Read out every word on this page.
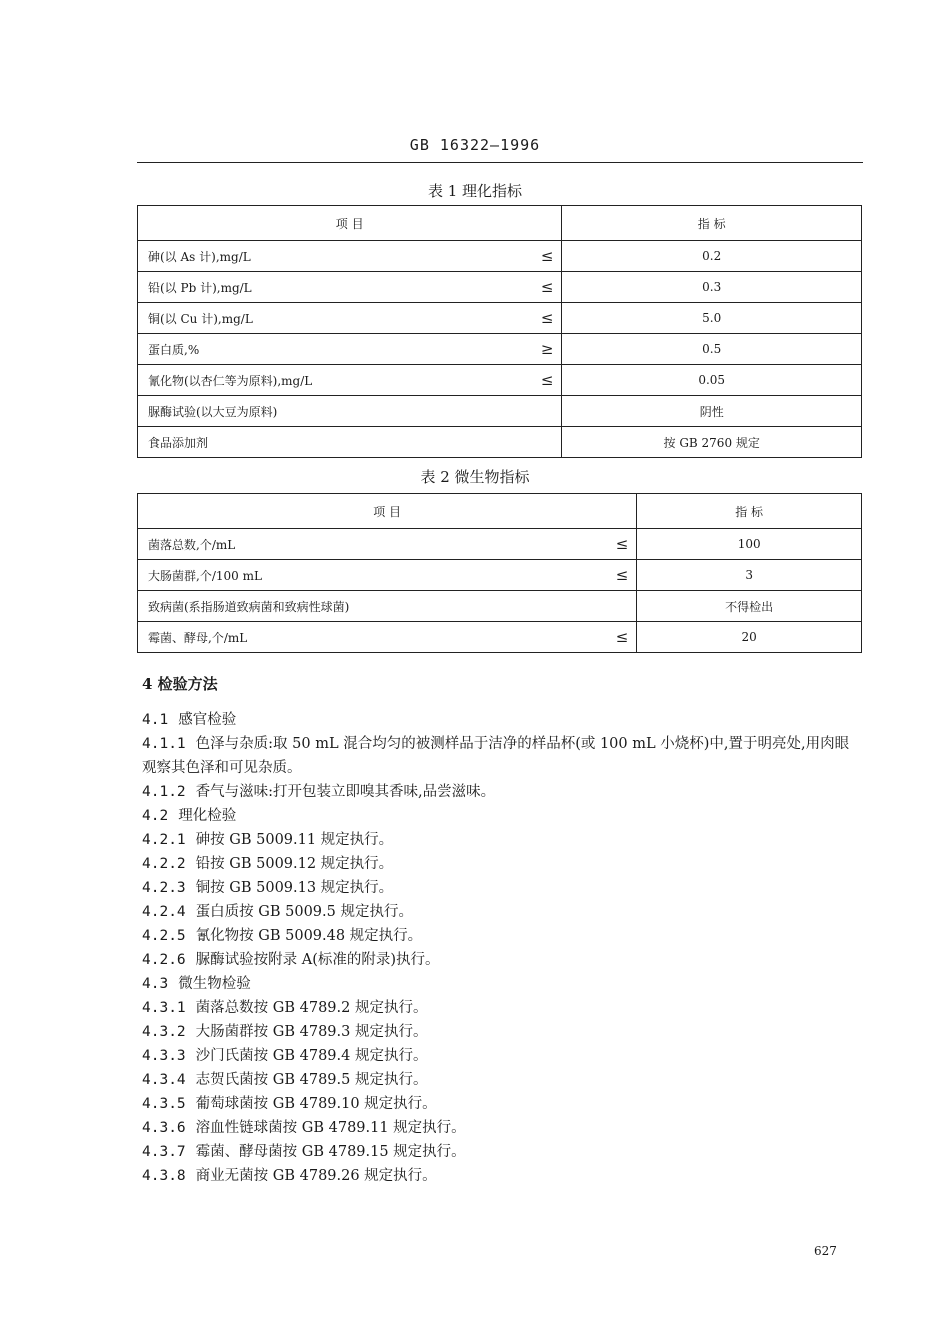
GB 16322—1996
表 1 理化指标
项 目	指 标
砷(以 As 计),mg/L ≤	0.2
铅(以 Pb 计),mg/L ≤	0.3
铜(以 Cu 计),mg/L ≤	5.0
蛋白质,% ≥	0.5
氰化物(以杏仁等为原料),mg/L ≤	0.05
脲酶试验(以大豆为原料)	阴性
食品添加剂	按 GB 2760 规定
表 2 微生物指标
项 目	指 标
菌落总数,个/mL ≤	100
大肠菌群,个/100 mL ≤	3
致病菌(系指肠道致病菌和致病性球菌)	不得检出
霉菌、酵母,个/mL ≤	20

4 检验方法

4.1 感官检验

4.1.1 色泽与杂质:取 50 mL 混合均匀的被测样品于洁净的样品杯(或 100 mL 小烧杯)中,置于明亮处,用肉眼观察其色泽和可见杂质。

4.1.2 香气与滋味:打开包装立即嗅其香味,品尝滋味。

4.2 理化检验

4.2.1 砷按 GB 5009.11 规定执行。

4.2.2 铅按 GB 5009.12 规定执行。

4.2.3 铜按 GB 5009.13 规定执行。

4.2.4 蛋白质按 GB 5009.5 规定执行。

4.2.5 氰化物按 GB 5009.48 规定执行。

4.2.6 脲酶试验按附录 A(标准的附录)执行。

4.3 微生物检验

4.3.1 菌落总数按 GB 4789.2 规定执行。

4.3.2 大肠菌群按 GB 4789.3 规定执行。

4.3.3 沙门氏菌按 GB 4789.4 规定执行。

4.3.4 志贺氏菌按 GB 4789.5 规定执行。

4.3.5 葡萄球菌按 GB 4789.10 规定执行。

4.3.6 溶血性链球菌按 GB 4789.11 规定执行。

4.3.7 霉菌、酵母菌按 GB 4789.15 规定执行。

4.3.8 商业无菌按 GB 4789.26 规定执行。

627
